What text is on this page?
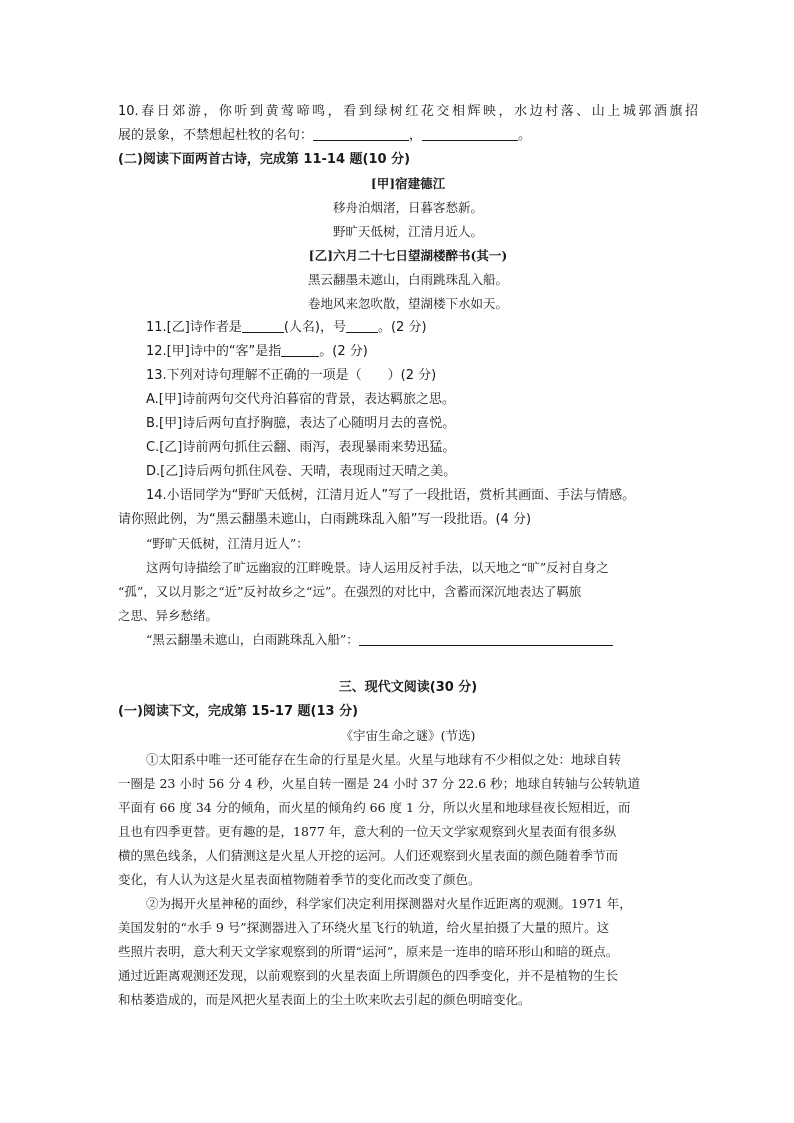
10.春日郊游，你听到黄莺啼鸣，看到绿树红花交相辉映，水边村落、山上城郭酒旗招
展的景象，不禁想起杜牧的名句：	，	。
(二)阅读下面两首古诗，完成第 11-14 题(10 分)
[甲]宿建德江
移舟泊烟渚，日暮客愁新。
野旷天低树，江清月近人。
[乙]六月二十七日望湖楼醉书(其一)
黑云翻墨未遮山，白雨跳珠乱入船。
卷地风来忽吹散，望湖楼下水如天。
11.[乙]诗作者是	(人名)，号 。(2 分)
12.[甲]诗中的“客”是指	。(2 分)
13.下列对诗句理解不正确的一项是（　　）(2 分)
A.[甲]诗前两句交代舟泊暮宿的背景，表达羁旅之思。
B.[甲]诗后两句直抒胸臆，表达了心随明月去的喜悦。
C.[乙]诗前两句抓住云翻、雨泻，表现暴雨来势迅猛。
D.[乙]诗后两句抓住风卷、天晴，表现雨过天晴之美。
14.小语同学为“野旷天低树，江清月近人”写了一段批语，赏析其画面、手法与情感。
请你照此例，为“黑云翻墨未遮山，白雨跳珠乱入船”写一段批语。(4 分)
“野旷天低树，江清月近人”：
这两句诗描绘了旷远幽寂的江畔晚景。诗人运用反衬手法，以天地之“旷”反衬自身之
“孤”，又以月影之“近”反衬故乡之“远”。在强烈的对比中，含蓄而深沉地表达了羁旅
之思、异乡愁绪。
“黑云翻墨未遮山，白雨跳珠乱入船”：
三、现代文阅读(30 分)
(一)阅读下文，完成第 15-17 题(13 分)
《宇宙生命之谜》(节选)
①太阳系中唯一还可能存在生命的行星是火星。火星与地球有不少相似之处：地球自转
一圈是 23 小时 56 分 4 秒，火星自转一圈是 24 小时 37 分 22.6 秒；地球自转轴与公转轨道
平面有 66 度 34 分的倾角，而火星的倾角约 66 度 1 分，所以火星和地球昼夜长短相近，而
且也有四季更替。更有趣的是，1877 年，意大利的一位天文学家观察到火星表面有很多纵
横的黑色线条，人们猜测这是火星人开挖的运河。人们还观察到火星表面的颜色随着季节而
变化，有人认为这是火星表面植物随着季节的变化而改变了颜色。
②为揭开火星神秘的面纱，科学家们决定利用探测器对火星作近距离的观测。1971 年，
美国发射的“水手 9 号”探测器进入了环绕火星飞行的轨道，给火星拍摄了大量的照片。这
些照片表明，意大利天文学家观察到的所谓“运河”，原来是一连串的暗环形山和暗的斑点。
通过近距离观测还发现，以前观察到的火星表面上所谓颜色的四季变化，并不是植物的生长
和枯萎造成的，而是风把火星表面上的尘土吹来吹去引起的颜色明暗变化。
